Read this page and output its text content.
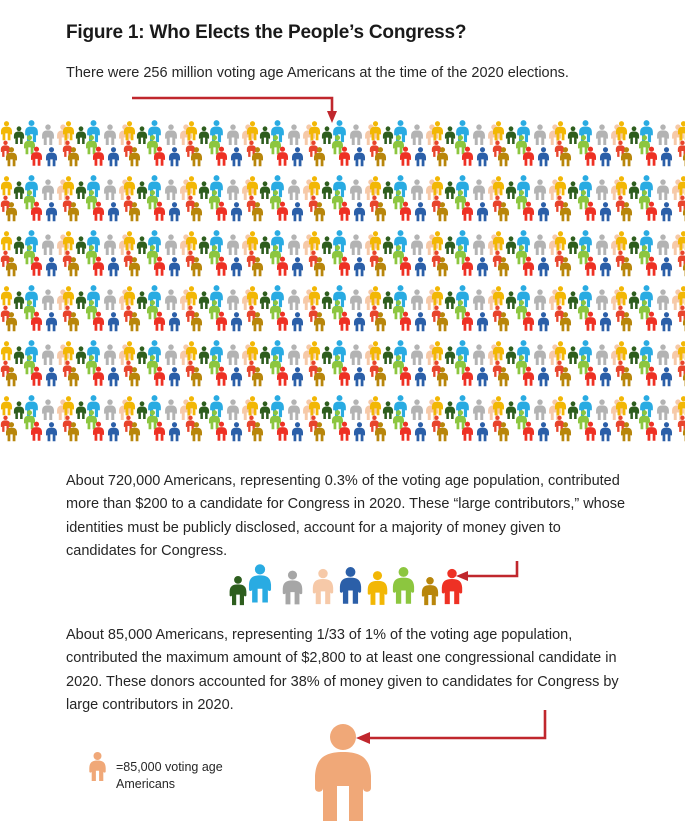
Figure 1: Who Elects the People’s Congress?
There were 256 million voting age Americans at the time of the 2020 elections.
About 720,000 Americans, representing 0.3% of the voting age population, contributed more than $200 to a candidate for Congress in 2020. These “large contributors,” whose identities must be publicly disclosed, account for a majority of money given to candidates for Congress.
About 85,000 Americans, representing 1/33 of 1% of the voting age population, contributed the maximum amount of $2,800 to at least one congressional candidate in 2020. These donors accounted for 38% of money given to candidates for Congress by large contributors in 2020.
=85,000 voting age Americans
